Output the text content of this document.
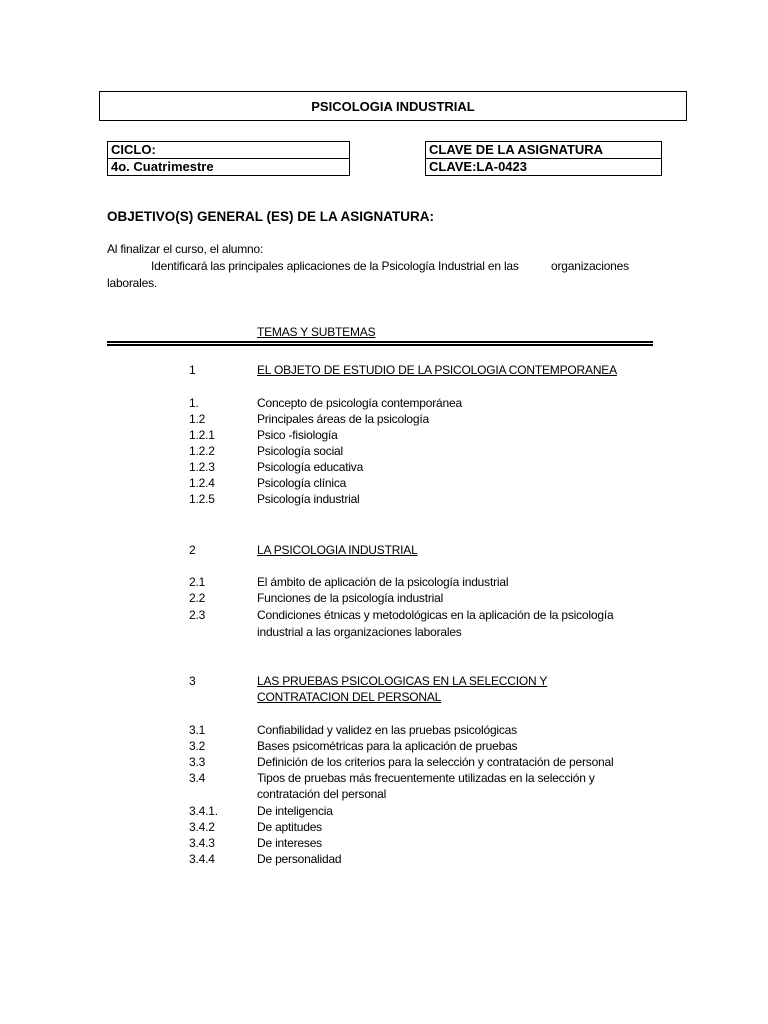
PSICOLOGIA INDUSTRIAL
CICLO:
4o. Cuatrimestre
CLAVE DE LA ASIGNATURA
CLAVE:LA-0423
OBJETIVO(S) GENERAL (ES) DE LA ASIGNATURA:
Al finalizar el curso, el alumno:
Identificará las principales aplicaciones de la Psicología Industrial en las	organizaciones
laborales.
TEMAS Y SUBTEMAS
1	EL OBJETO DE ESTUDIO DE LA PSICOLOGIA CONTEMPORANEA
1.	Concepto de psicología contemporánea
1.2	Principales áreas de la psicología
1.2.1	Psico -fisiología
1.2.2	Psicología social
1.2.3	Psicología educativa
1.2.4	Psicología clínica
1.2.5	Psicología industrial
2	LA PSICOLOGIA INDUSTRIAL
2.1	El ámbito de aplicación de la psicología industrial
2.2	Funciones de la psicología industrial
2.3	Condiciones étnicas y metodológicas en la aplicación de la psicología
industrial a las organizaciones laborales
3	LAS PRUEBAS PSICOLOGICAS EN LA SELECCION Y
CONTRATACION DEL PERSONAL
3.1	Confiabilidad y validez en las pruebas psicológicas
3.2	Bases psicométricas para la aplicación de pruebas
3.3	Definición de los criterios para la selección y contratación de personal
3.4	Tipos de pruebas más frecuentemente utilizadas en la selección y
contratación del personal
3.4.1.	De inteligencia
3.4.2	De aptitudes
3.4.3	De intereses
3.4.4	De personalidad
